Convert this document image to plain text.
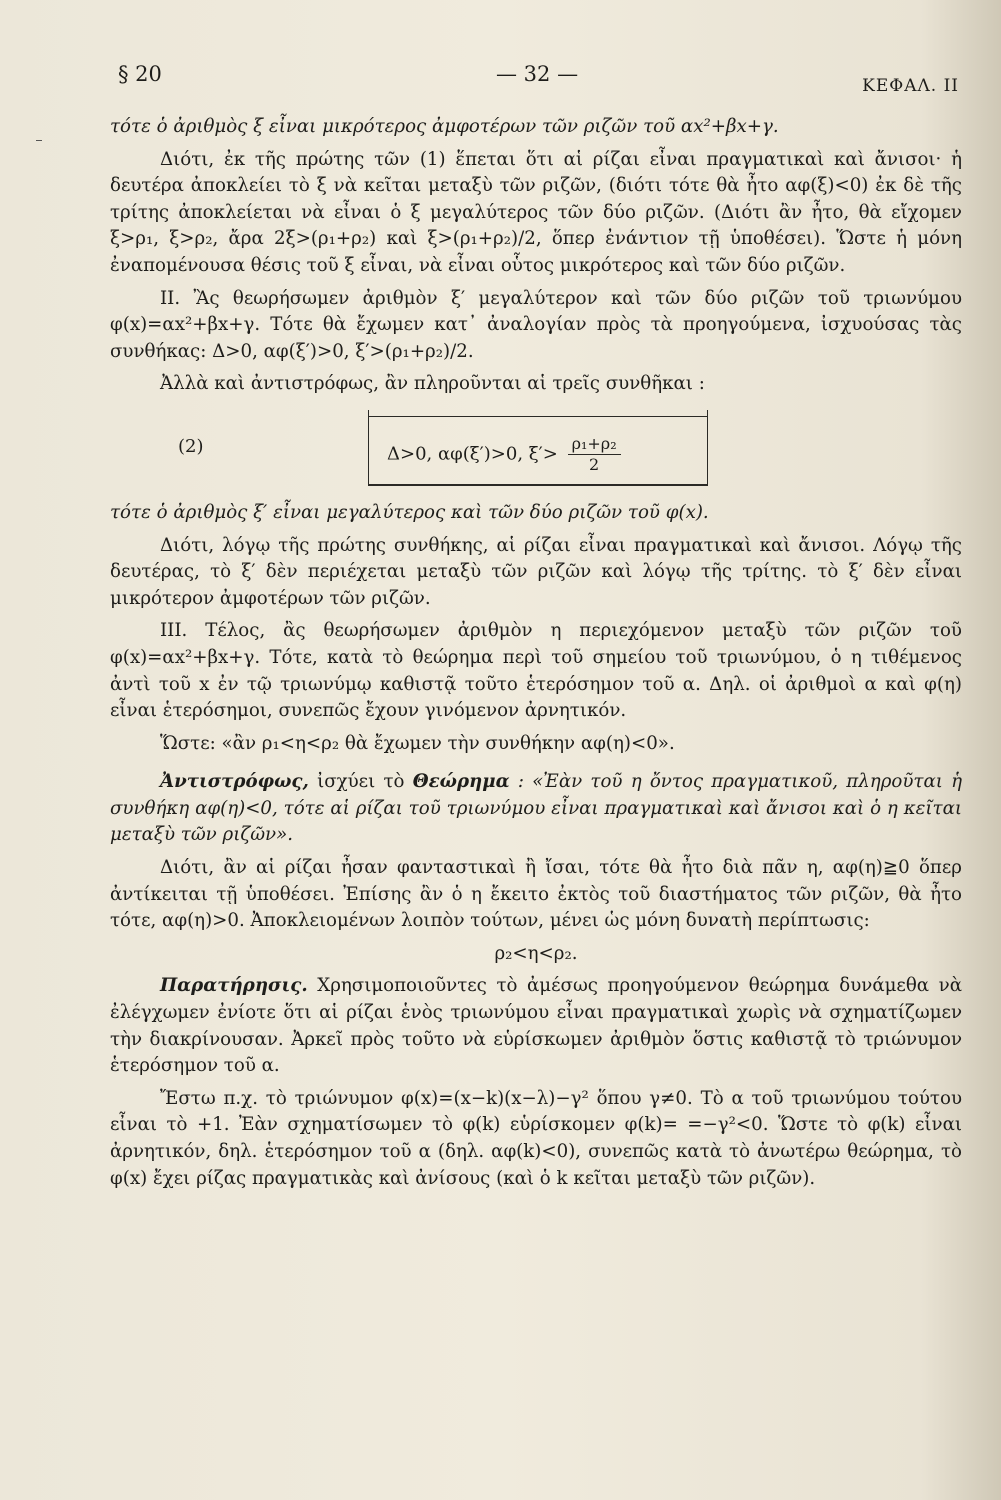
§ 20	— 32 —	ΚΕΦΑΛ. II

τότε ὁ ἀριθμὸς ξ εἶναι μικρότερος ἀμφοτέρων τῶν ριζῶν τοῦ αx²+βx+γ.

Διότι, ἐκ τῆς πρώτης τῶν (1) ἕπεται ὅτι αἱ ρίζαι εἶναι πραγματικαὶ καὶ ἄνισοι· ἡ δευτέρα ἀποκλείει τὸ ξ νὰ κεῖται μεταξὺ τῶν ριζῶν, (διότι τότε θὰ ἦτο αφ(ξ)<0) ἐκ δὲ τῆς τρίτης ἀποκλείεται νὰ εἶναι ὁ ξ μεγαλύτερος τῶν δύο ριζῶν. (Διότι ἂν ἦτο, θὰ εἴχομεν ξ>ρ₁, ξ>ρ₂, ἄρα 2ξ>(ρ₁+ρ₂) καὶ ξ>(ρ₁+ρ₂)/2, ὅπερ ἐνάντιον τῇ ὑποθέσει). Ὥστε ἡ μόνη ἐναπομένουσα θέσις τοῦ ξ εἶναι, νὰ εἶναι οὗτος μικρότερος καὶ τῶν δύο ριζῶν.

II. Ἂς θεωρήσωμεν ἀριθμὸν ξ′ μεγαλύτερον καὶ τῶν δύο ριζῶν τοῦ τριωνύμου φ(x)=αx²+βx+γ. Τότε θὰ ἔχωμεν κατ᾽ ἀναλογίαν πρὸς τὰ προηγούμενα, ἰσχυούσας τὰς συνθήκας: Δ>0, αφ(ξ′)>0, ξ′>(ρ₁+ρ₂)/2.

Ἀλλὰ καὶ ἀντιστρόφως, ἂν πληροῦνται αἱ τρεῖς συνθῆκαι :

(2)	Δ>0, αφ(ξ′)>0, $\xi'> \frac{\text{ρ₁+ρ₂}}{2}$

τότε ὁ ἀριθμὸς ξ′ εἶναι μεγαλύτερος καὶ τῶν δύο ριζῶν τοῦ φ(x).

Διότι, λόγῳ τῆς πρώτης συνθήκης, αἱ ρίζαι εἶναι πραγματικαὶ καὶ ἄνισοι. Λόγῳ τῆς δευτέρας, τὸ ξ′ δὲν περιέχεται μεταξὺ τῶν ριζῶν καὶ λόγῳ τῆς τρίτης. τὸ ξ′ δὲν εἶναι μικρότερον ἀμφοτέρων τῶν ριζῶν.

III. Τέλος, ἂς θεωρήσωμεν ἀριθμὸν η περιεχόμενον μεταξὺ τῶν ριζῶν τοῦ φ(x)=αx²+βx+γ. Τότε, κατὰ τὸ θεώρημα περὶ τοῦ σημείου τοῦ τριωνύμου, ὁ η τιθέμενος ἀντὶ τοῦ x ἐν τῷ τριωνύμῳ καθιστᾷ τοῦτο ἑτερόσημον τοῦ α. Δηλ. οἱ ἀριθμοὶ α καὶ φ(η) εἶναι ἑτερόσημοι, συνεπῶς ἔχουν γινόμενον ἀρνητικόν.

Ὥστε: «ἂν ρ₁<η<ρ₂ θὰ ἔχωμεν τὴν συνθήκην αφ(η)<0».

Ἀντιστρόφως, ἰσχύει τὸ Θεώρημα : «Ἐὰν τοῦ η ὄντος πραγματικοῦ, πληροῦται ἡ συνθήκη αφ(η)<0, τότε αἱ ρίζαι τοῦ τριωνύμου εἶναι πραγματικαὶ καὶ ἄνισοι καὶ ὁ η κεῖται μεταξὺ τῶν ριζῶν».

Διότι, ἂν αἱ ρίζαι ἦσαν φανταστικαὶ ἢ ἴσαι, τότε θὰ ἦτο διὰ πᾶν η, αφ(η)≧0 ὅπερ ἀντίκειται τῇ ὑποθέσει. Ἐπίσης ἂν ὁ η ἔκειτο ἐκτὸς τοῦ διαστήματος τῶν ριζῶν, θὰ ἦτο τότε, αφ(η)>0. Ἀποκλειομένων λοιπὸν τούτων, μένει ὡς μόνη δυνατὴ περίπτωσις:

ρ₂<η<ρ₂.

Παρατήρησις. Χρησιμοποιοῦντες τὸ ἀμέσως προηγούμενον θεώρημα δυνάμεθα νὰ ἐλέγχωμεν ἐνίοτε ὅτι αἱ ρίζαι ἑνὸς τριωνύμου εἶναι πραγματικαὶ χωρὶς νὰ σχηματίζωμεν τὴν διακρίνουσαν. Ἀρκεῖ πρὸς τοῦτο νὰ εὑρίσκωμεν ἀριθμὸν ὅστις καθιστᾷ τὸ τριώνυμον ἑτερόσημον τοῦ α.

Ἔστω π.χ. τὸ τριώνυμον φ(x)=(x−k)(x−λ)−γ² ὅπου γ≠0. Τὸ α τοῦ τριωνύμου τούτου εἶναι τὸ +1. Ἐὰν σχηματίσωμεν τὸ φ(k) εὑρίσκομεν φ(k)= =−γ²<0. Ὥστε τὸ φ(k) εἶναι ἀρνητικόν, δηλ. ἑτερόσημον τοῦ α (δηλ. αφ(k)<0), συνεπῶς κατὰ τὸ ἀνωτέρω θεώρημα, τὸ φ(x) ἔχει ρίζας πραγματικὰς καὶ ἀνίσους (καὶ ὁ k κεῖται μεταξὺ τῶν ριζῶν).
